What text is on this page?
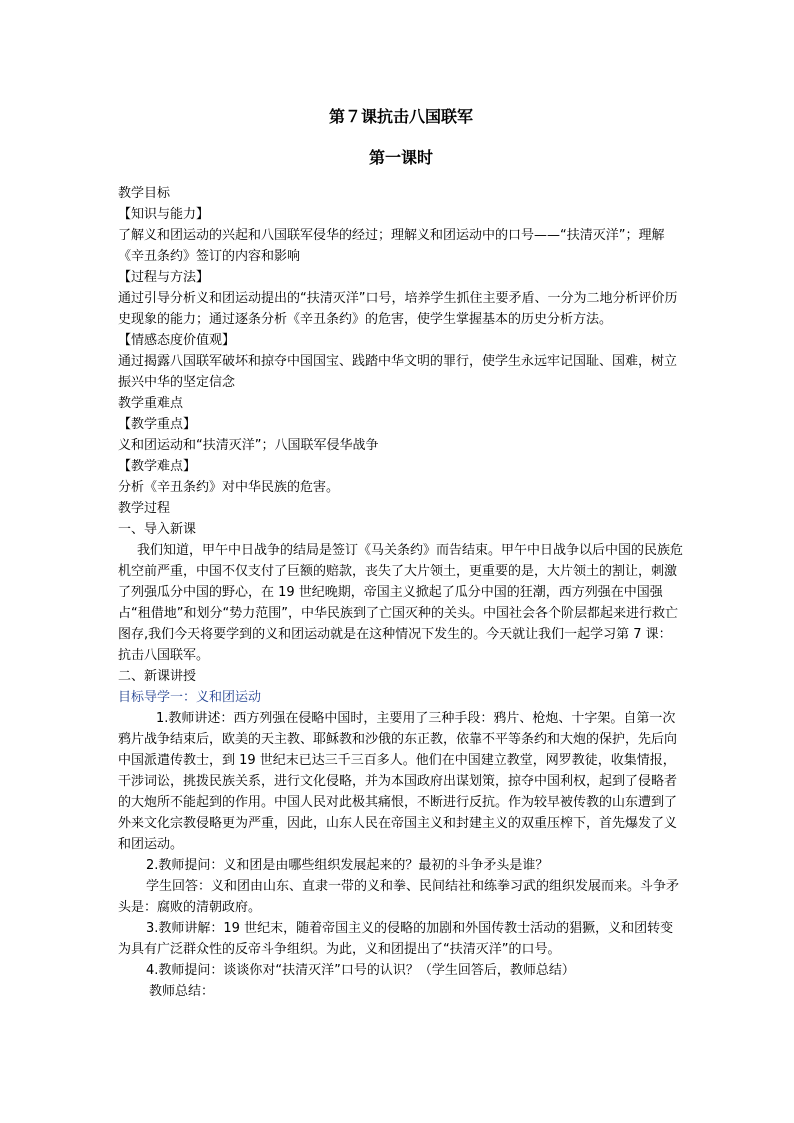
第７课抗击八国联军
第一课时

教学目标

【知识与能力】

了解义和团运动的兴起和八国联军侵华的经过；理解义和团运动中的口号——“扶清灭洋”；理解《辛丑条约》签订的内容和影响

【过程与方法】

通过引导分析义和团运动提出的“扶清灭洋”口号，培养学生抓住主要矛盾、一分为二地分析评价历史现象的能力；通过逐条分析《辛丑条约》的危害，使学生掌握基本的历史分析方法。

【情感态度价值观】

通过揭露八国联军破坏和掠夺中国国宝、践踏中华文明的罪行，使学生永远牢记国耻、国难，树立振兴中华的坚定信念

教学重难点

【教学重点】

义和团运动和“扶清灭洋”；八国联军侵华战争

【教学难点】

分析《辛丑条约》对中华民族的危害。

教学过程

一、导入新课

我们知道，甲午中日战争的结局是签订《马关条约》而告结束。甲午中日战争以后中国的民族危机空前严重，中国不仅支付了巨额的赔款，丧失了大片领土，更重要的是，大片领土的割让，刺激了列强瓜分中国的野心，在 19 世纪晚期，帝国主义掀起了瓜分中国的狂潮，西方列强在中国强占“租借地”和划分“势力范围”，中华民族到了亡国灭种的关头。中国社会各个阶层都起来进行救亡图存,我们今天将要学到的义和团运动就是在这种情况下发生的。今天就让我们一起学习第 7 课：抗击八国联军。

二、新课讲授

目标导学一：义和团运动

1.教师讲述：西方列强在侵略中国时，主要用了三种手段：鸦片、枪炮、十字架。自第一次鸦片战争结束后，欧美的天主教、耶稣教和沙俄的东正教，依靠不平等条约和大炮的保护，先后向中国派遣传教士，到 19 世纪末已达三千三百多人。他们在中国建立教堂，网罗教徒，收集情报，干涉词讼，挑拨民族关系，进行文化侵略，并为本国政府出谋划策，掠夺中国利权，起到了侵略者的大炮所不能起到的作用。中国人民对此极其痛恨，不断进行反抗。作为较早被传教的山东遭到了外来文化宗教侵略更为严重，因此，山东人民在帝国主义和封建主义的双重压榨下，首先爆发了义和团运动。

2.教师提问：义和团是由哪些组织发展起来的？最初的斗争矛头是谁？

学生回答：义和团由山东、直隶一带的义和拳、民间结社和练拳习武的组织发展而来。斗争矛头是：腐败的清朝政府。

3.教师讲解：19 世纪末，随着帝国主义的侵略的加剧和外国传教士活动的猖獗，义和团转变为具有广泛群众性的反帝斗争组织。为此，义和团提出了“扶清灭洋”的口号。

4.教师提问：谈谈你对“扶清灭洋”口号的认识？（学生回答后，教师总结）

教师总结：
